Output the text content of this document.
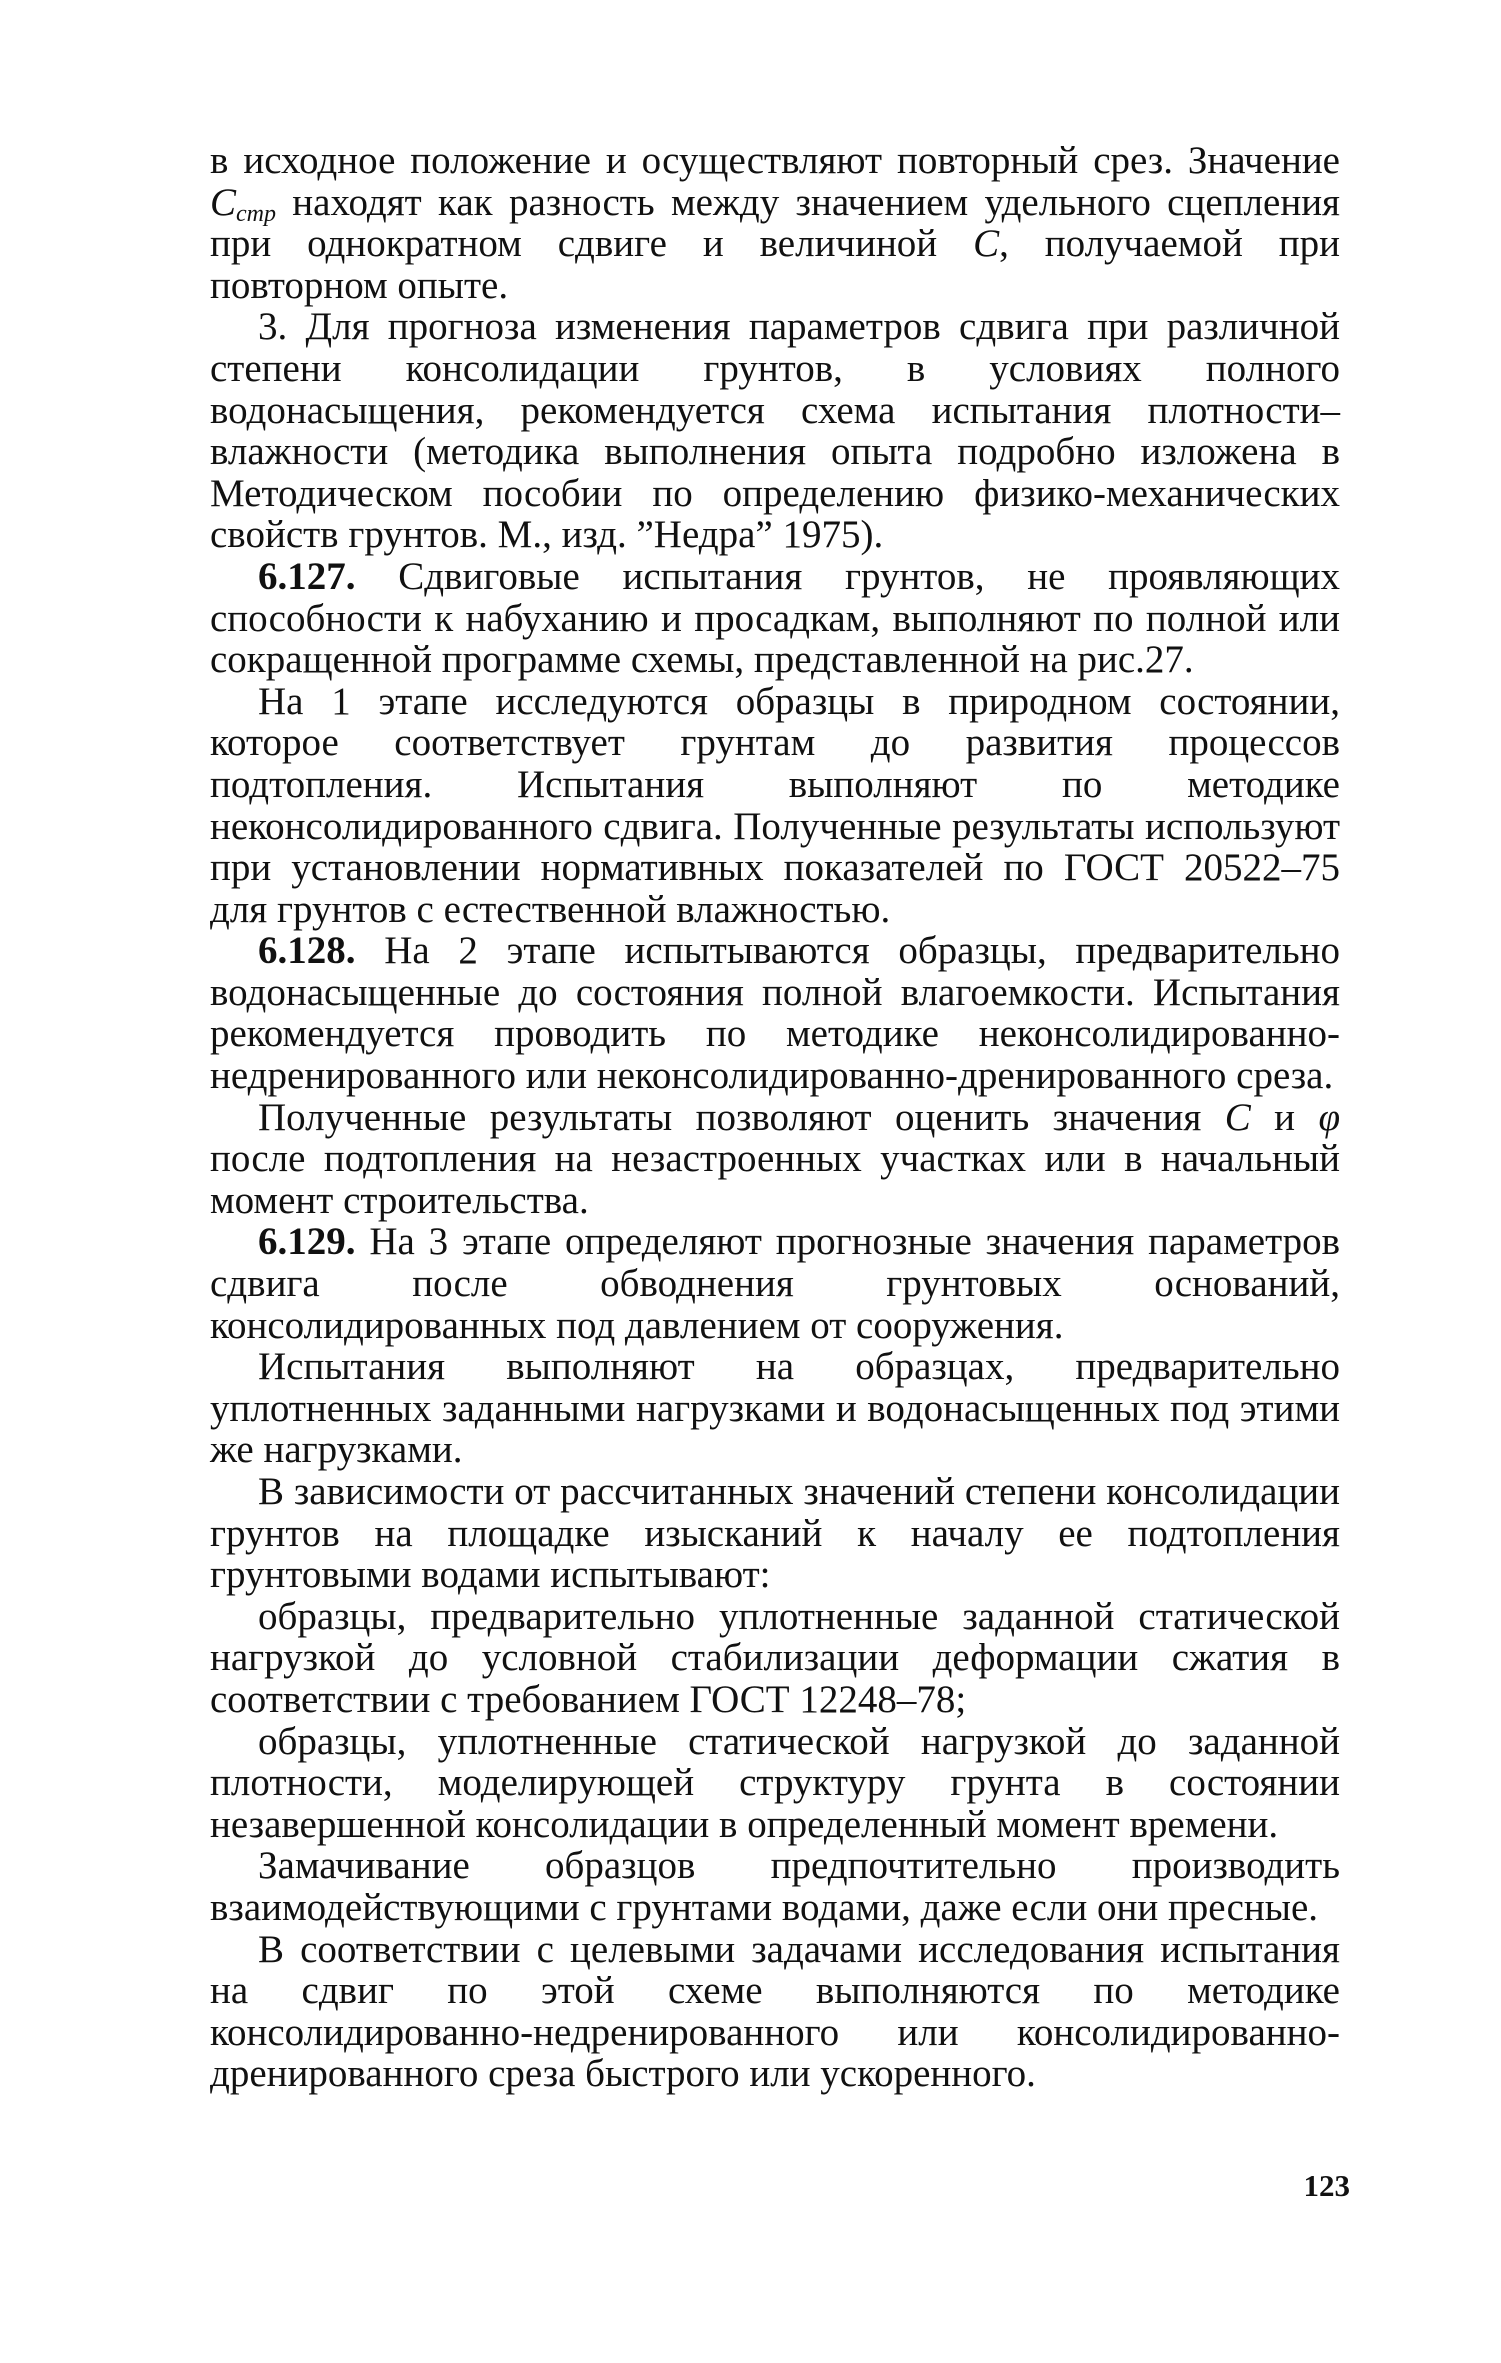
в исходное положение и осуществляют повторный срез. Значение $C_{стр}$ находят как разность между значением удельного сцепления при однократном сдвиге и величиной C, получаемой при повторном опыте.

3. Для прогноза изменения параметров сдвига при различной степени консолидации грунтов, в условиях полного водонасыщения, рекомендуется схема испытания плотности–влажности (методика выполнения опыта подробно изложена в Методическом пособии по определению физико-механических свойств грунтов. М., изд. ”Недра” 1975).

6.127. Сдвиговые испытания грунтов, не проявляющих способности к набуханию и просадкам, выполняют по полной или сокращенной программе схемы, представленной на рис.27.

На 1 этапе исследуются образцы в природном состоянии, которое соответствует грунтам до развития процессов подтопления. Испытания выполняют по методике неконсолидированного сдвига. Полученные результаты используют при установлении нормативных показателей по ГОСТ 20522–75 для грунтов с естественной влажностью.

6.128. На 2 этапе испытываются образцы, предварительно водонасыщенные до состояния полной влагоемкости. Испытания рекомендуется проводить по методике неконсолидированно-недренированного или неконсолидированно-дренированного среза.

Полученные результаты позволяют оценить значения C и φ после подтопления на незастроенных участках или в начальный момент строительства.

6.129. На 3 этапе определяют прогнозные значения параметров сдвига после обводнения грунтовых оснований, консолидированных под давлением от сооружения.

Испытания выполняют на образцах, предварительно уплотненных заданными нагрузками и водонасыщенных под этими же нагрузками.

В зависимости от рассчитанных значений степени консолидации грунтов на площадке изысканий к началу ее подтопления грунтовыми водами испытывают:

образцы, предварительно уплотненные заданной статической нагрузкой до условной стабилизации деформации сжатия в соответствии с требованием ГОСТ 12248–78;

образцы, уплотненные статической нагрузкой до заданной плотности, моделирующей структуру грунта в состоянии незавершенной консолидации в определенный момент времени.

Замачивание образцов предпочтительно производить взаимодействующими с грунтами водами, даже если они пресные.

В соответствии с целевыми задачами исследования испытания на сдвиг по этой схеме выполняются по методике консолидированно-недренированного или консолидированно-дренированного среза быстрого или ускоренного.

123
